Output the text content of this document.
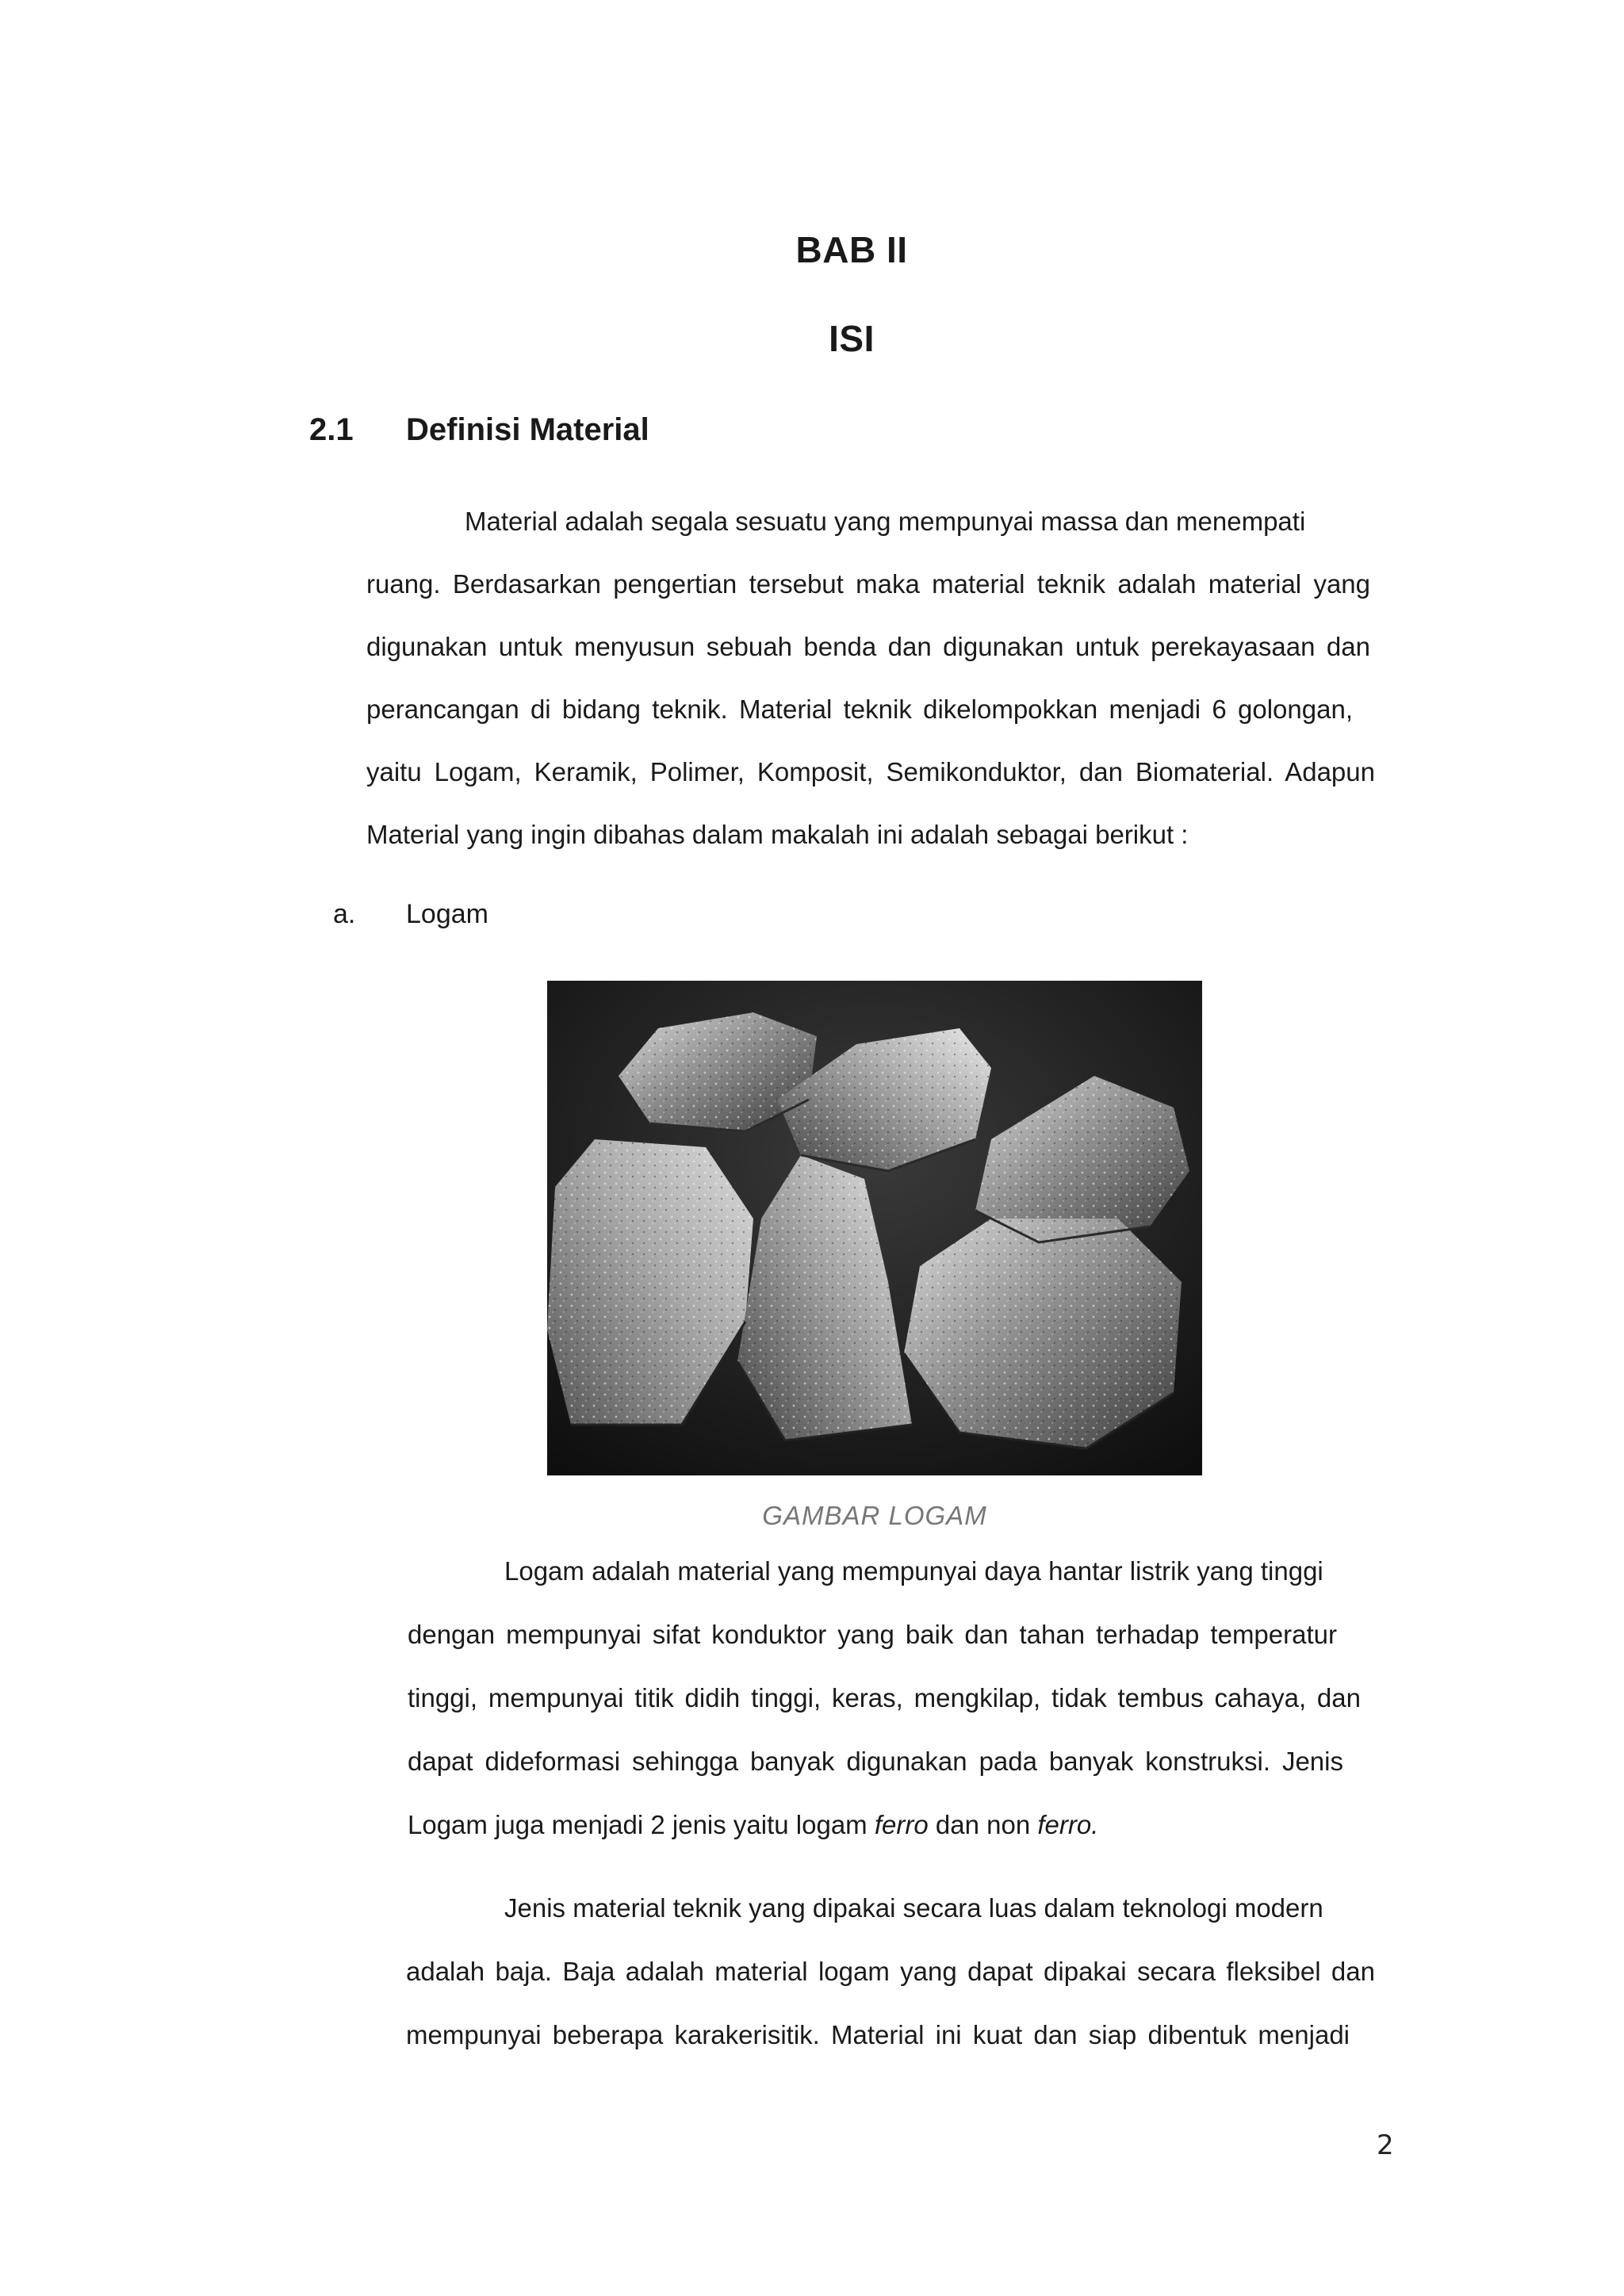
BAB II
ISI
2.1 Definisi Material
Material adalah segala sesuatu yang mempunyai massa dan menempati
ruang. Berdasarkan pengertian tersebut maka material teknik adalah material yang
digunakan untuk menyusun sebuah benda dan digunakan untuk perekayasaan dan
perancangan di bidang teknik. Material teknik dikelompokkan menjadi 6 golongan,
yaitu Logam, Keramik, Polimer, Komposit, Semikonduktor, dan Biomaterial. Adapun
Material yang ingin dibahas dalam makalah ini adalah sebagai berikut :
a. Logam
GAMBAR LOGAM
Logam adalah material yang mempunyai daya hantar listrik yang tinggi
dengan mempunyai sifat konduktor yang baik dan tahan terhadap temperatur
tinggi, mempunyai titik didih tinggi, keras, mengkilap, tidak tembus cahaya, dan
dapat dideformasi sehingga banyak digunakan pada banyak konstruksi. Jenis
Logam juga menjadi 2 jenis yaitu logam ferro dan non ferro.
Jenis material teknik yang dipakai secara luas dalam teknologi modern
adalah baja. Baja adalah material logam yang dapat dipakai secara fleksibel dan
mempunyai beberapa karakerisitik. Material ini kuat dan siap dibentuk menjadi
2
